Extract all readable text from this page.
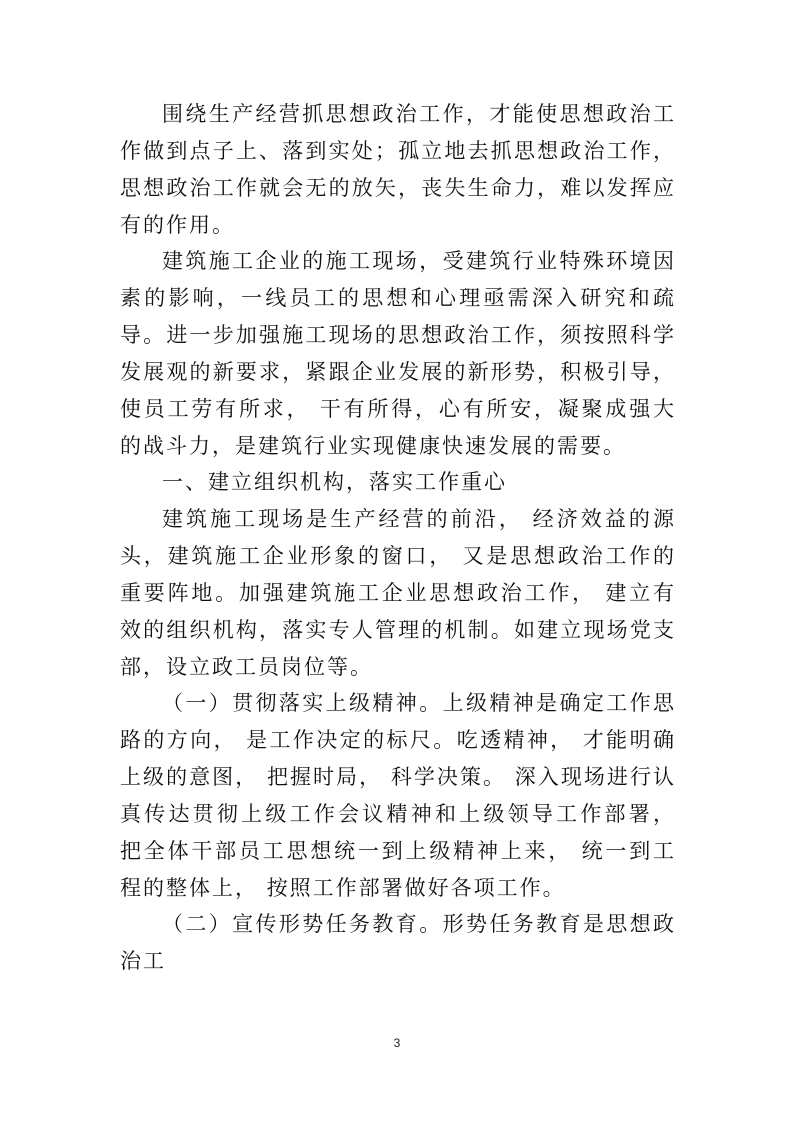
围绕生产经营抓思想政治工作，才能使思想政治工作做到点子上、落到实处；孤立地去抓思想政治工作，思想政治工作就会无的放矢，丧失生命力，难以发挥应有的作用。

建筑施工企业的施工现场，受建筑行业特殊环境因素的影响，一线员工的思想和心理亟需深入研究和疏导。进一步加强施工现场的思想政治工作，须按照科学发展观的新要求，紧跟企业发展的新形势，积极引导， 使员工劳有所求， 干有所得，心有所安，凝聚成强大的战斗力，是建筑行业实现健康快速发展的需要。

一、建立组织机构，落实工作重心

建筑施工现场是生产经营的前沿， 经济效益的源头，建筑施工企业形象的窗口， 又是思想政治工作的重要阵地。加强建筑施工企业思想政治工作， 建立有效的组织机构，落实专人管理的机制。如建立现场党支部，设立政工员岗位等。

（一）贯彻落实上级精神。上级精神是确定工作思路的方向， 是工作决定的标尺。吃透精神， 才能明确上级的意图， 把握时局， 科学决策。 深入现场进行认真传达贯彻上级工作会议精神和上级领导工作部署， 把全体干部员工思想统一到上级精神上来， 统一到工程的整体上， 按照工作部署做好各项工作。

（二）宣传形势任务教育。形势任务教育是思想政治工

3
